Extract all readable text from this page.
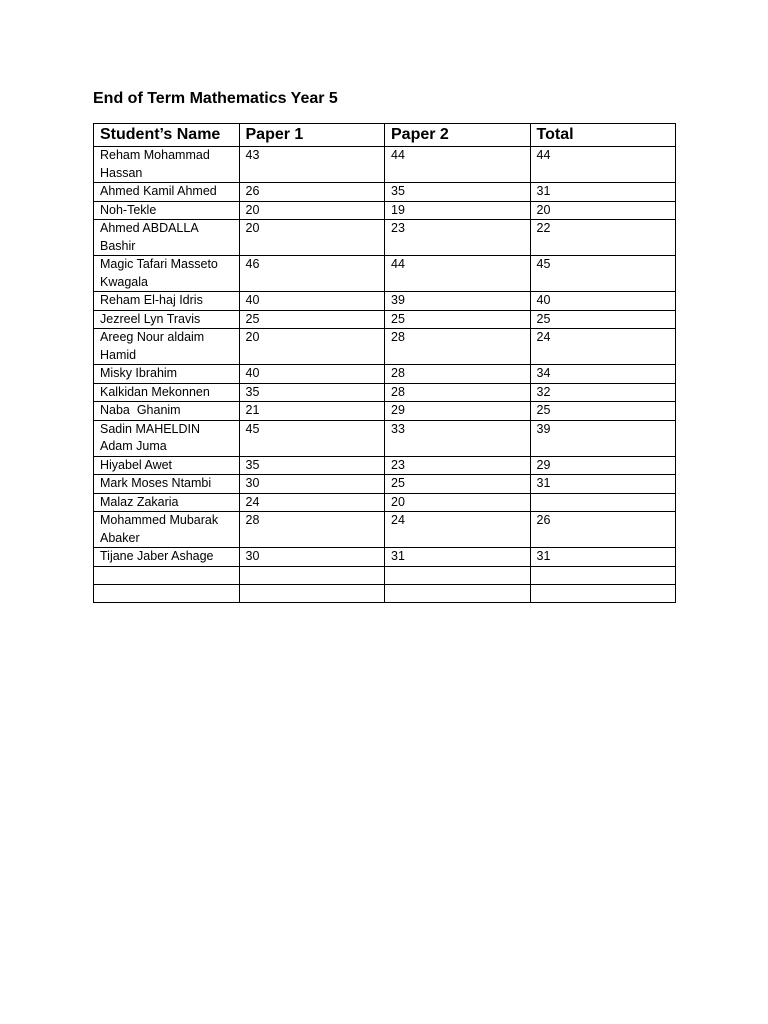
End of Term Mathematics Year 5
Student’s Name	Paper 1	Paper 2	Total
Reham Mohammad Hassan	43	44	44
Ahmed Kamil Ahmed	26	35	31
Noh-Tekle	20	19	20
Ahmed ABDALLA Bashir	20	23	22
Magic Tafari Masseto Kwagala	46	44	45
Reham El-haj Idris	40	39	40
Jezreel Lyn Travis	25	25	25
Areeg Nour aldaim Hamid	20	28	24
Misky Ibrahim	40	28	34
Kalkidan Mekonnen	35	28	32
Naba  Ghanim	21	29	25
Sadin MAHELDIN Adam Juma	45	33	39
Hiyabel Awet	35	23	29
Mark Moses Ntambi	30	25	31
Malaz Zakaria	24	20	
Mohammed Mubarak Abaker	28	24	26
Tijane Jaber Ashage	30	31	31
